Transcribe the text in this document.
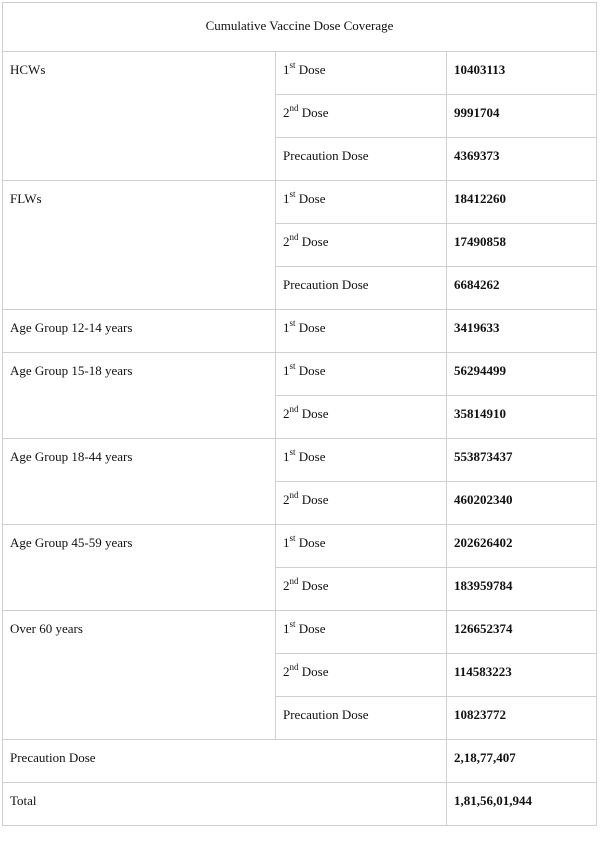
Cumulative Vaccine Dose Coverage		
HCWs	1st Dose	10403113
	2nd Dose	9991704
	Precaution Dose	4369373
FLWs	1st Dose	18412260
	2nd Dose	17490858
	Precaution Dose	6684262
Age Group 12-14 years	1st Dose	3419633
Age Group 15-18 years	1st Dose	56294499
	2nd Dose	35814910
Age Group 18-44 years	1st Dose	553873437
	2nd Dose	460202340
Age Group 45-59 years	1st Dose	202626402
	2nd Dose	183959784
Over 60 years	1st Dose	126652374
	2nd Dose	114583223
	Precaution Dose	10823772
Precaution Dose		2,18,77,407
Total		1,81,56,01,944
